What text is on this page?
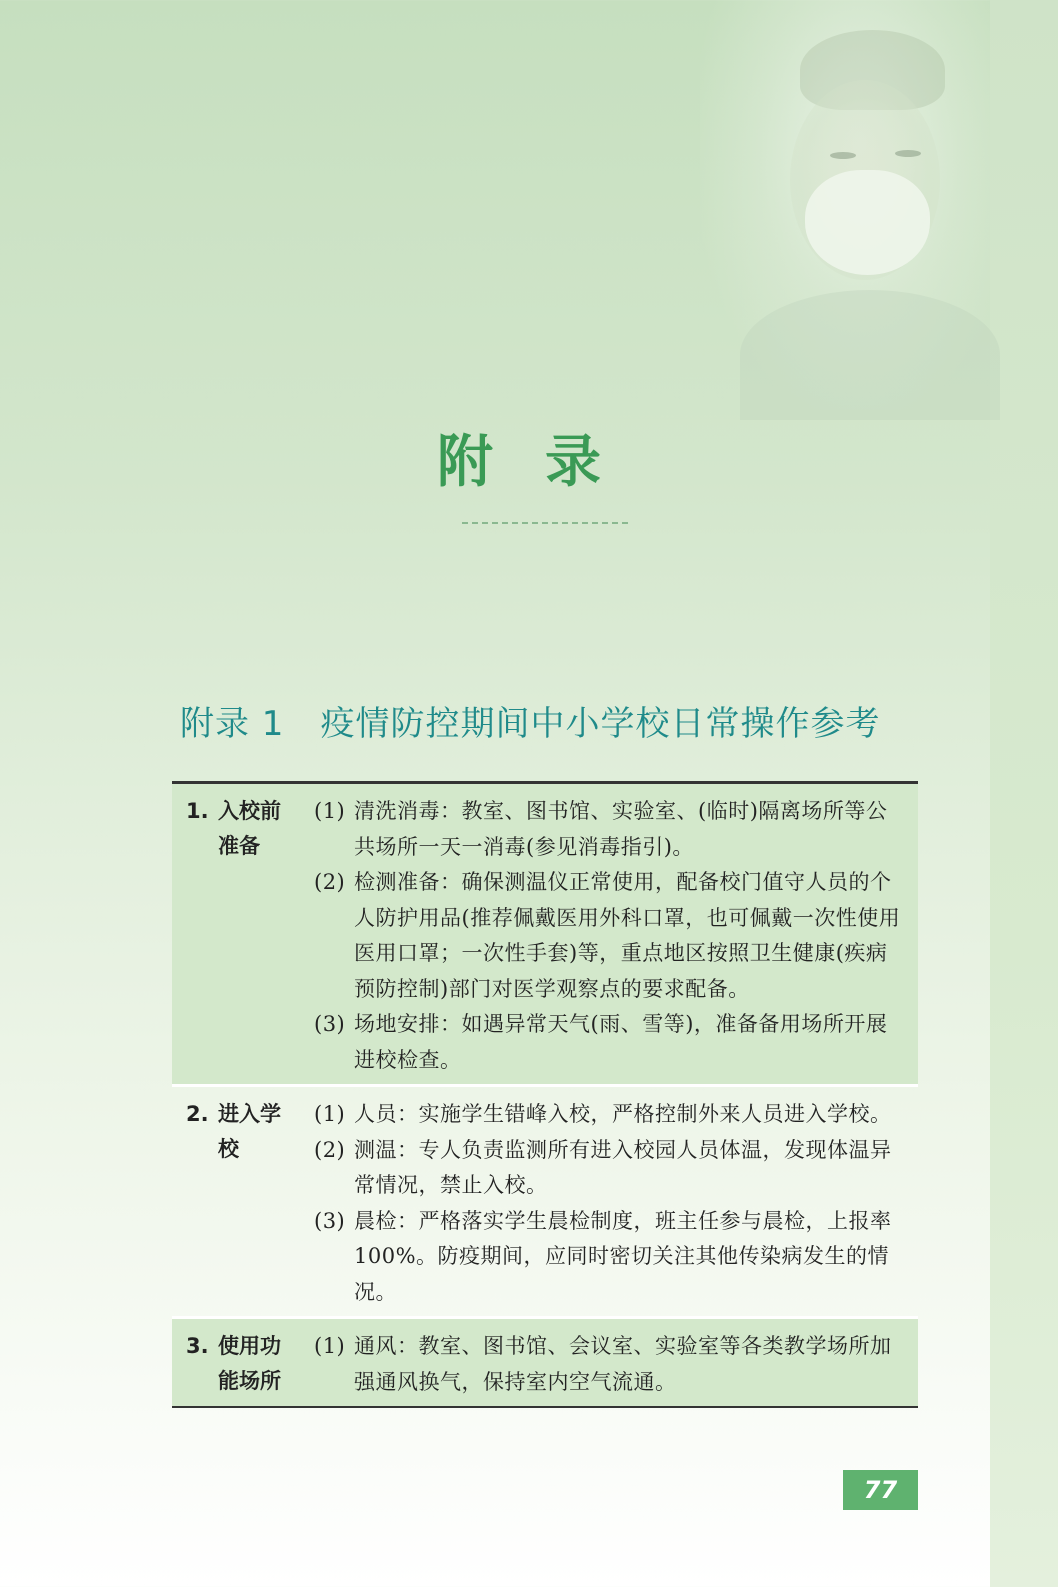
附录
附录 1 疫情防控期间中小学校日常操作参考
1. 入校前准备
(1) 清洗消毒：教室、图书馆、实验室、(临时)隔离场所等公共场所一天一消毒(参见消毒指引)。
(2) 检测准备：确保测温仪正常使用，配备校门值守人员的个人防护用品(推荐佩戴医用外科口罩，也可佩戴一次性使用医用口罩；一次性手套)等，重点地区按照卫生健康(疾病预防控制)部门对医学观察点的要求配备。
(3) 场地安排：如遇异常天气(雨、雪等)，准备备用场所开展进校检查。
2. 进入学校
(1) 人员：实施学生错峰入校，严格控制外来人员进入学校。
(2) 测温：专人负责监测所有进入校园人员体温，发现体温异常情况，禁止入校。
(3) 晨检：严格落实学生晨检制度，班主任参与晨检，上报率 100%。防疫期间，应同时密切关注其他传染病发生的情况。
3. 使用功能场所
(1) 通风：教室、图书馆、会议室、实验室等各类教学场所加强通风换气，保持室内空气流通。
77
